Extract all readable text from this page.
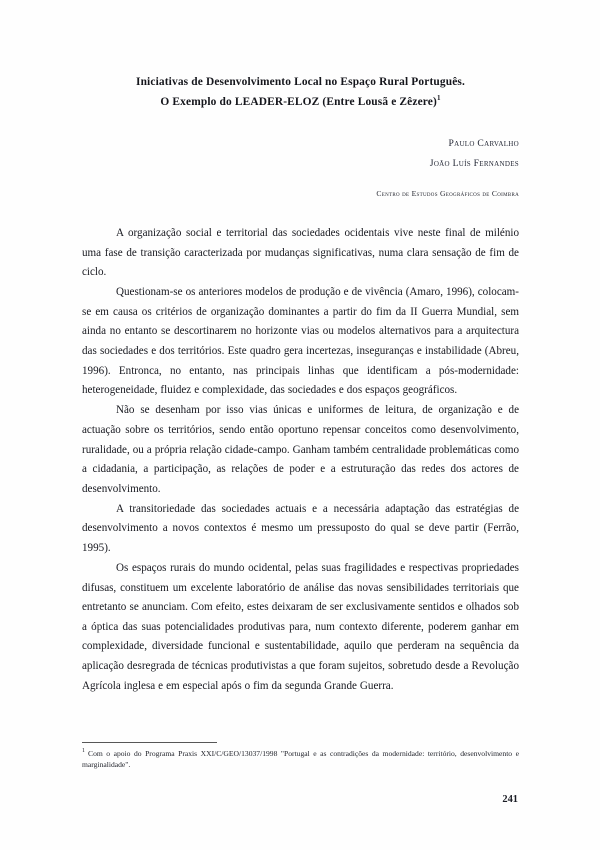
Iniciativas de Desenvolvimento Local no Espaço Rural Português.
O Exemplo do LEADER-ELOZ (Entre Lousã e Zêzere)$^1$
Paulo Carvalho
João Luís Fernandes
Centro de Estudos Geográficos de Coimbra

A organização social e territorial das sociedades ocidentais vive neste final de milénio uma fase de transição caracterizada por mudanças significativas, numa clara sensação de fim de ciclo.

Questionam-se os anteriores modelos de produção e de vivência (Amaro, 1996), colocam-se em causa os critérios de organização dominantes a partir do fim da II Guerra Mundial, sem ainda no entanto se descortinarem no horizonte vias ou modelos alternativos para a arquitectura das sociedades e dos territórios. Este quadro gera incertezas, inseguranças e instabilidade (Abreu, 1996). Entronca, no entanto, nas principais linhas que identificam a pós-modernidade: heterogeneidade, fluidez e complexidade, das sociedades e dos espaços geográficos.

Não se desenham por isso vias únicas e uniformes de leitura, de organização e de actuação sobre os territórios, sendo então oportuno repensar conceitos como desenvolvimento, ruralidade, ou a própria relação cidade-campo. Ganham também centralidade problemáticas como a cidadania, a participação, as relações de poder e a estruturação das redes dos actores de desenvolvimento.

A transitoriedade das sociedades actuais e a necessária adaptação das estratégias de desenvolvimento a novos contextos é mesmo um pressuposto do qual se deve partir (Ferrão, 1995).

Os espaços rurais do mundo ocidental, pelas suas fragilidades e respectivas propriedades difusas, constituem um excelente laboratório de análise das novas sensibilidades territoriais que entretanto se anunciam. Com efeito, estes deixaram de ser exclusivamente sentidos e olhados sob a óptica das suas potencialidades produtivas para, num contexto diferente, poderem ganhar em complexidade, diversidade funcional e sustentabilidade, aquilo que perderam na sequência da aplicação desregrada de técnicas produtivistas a que foram sujeitos, sobretudo desde a Revolução Agrícola inglesa e em especial após o fim da segunda Grande Guerra.

$^1$ Com o apoio do Programa Praxis XXI/C/GEO/13037/1998 "Portugal e as contradições da modernidade: território, desenvolvimento e marginalidade".
241
